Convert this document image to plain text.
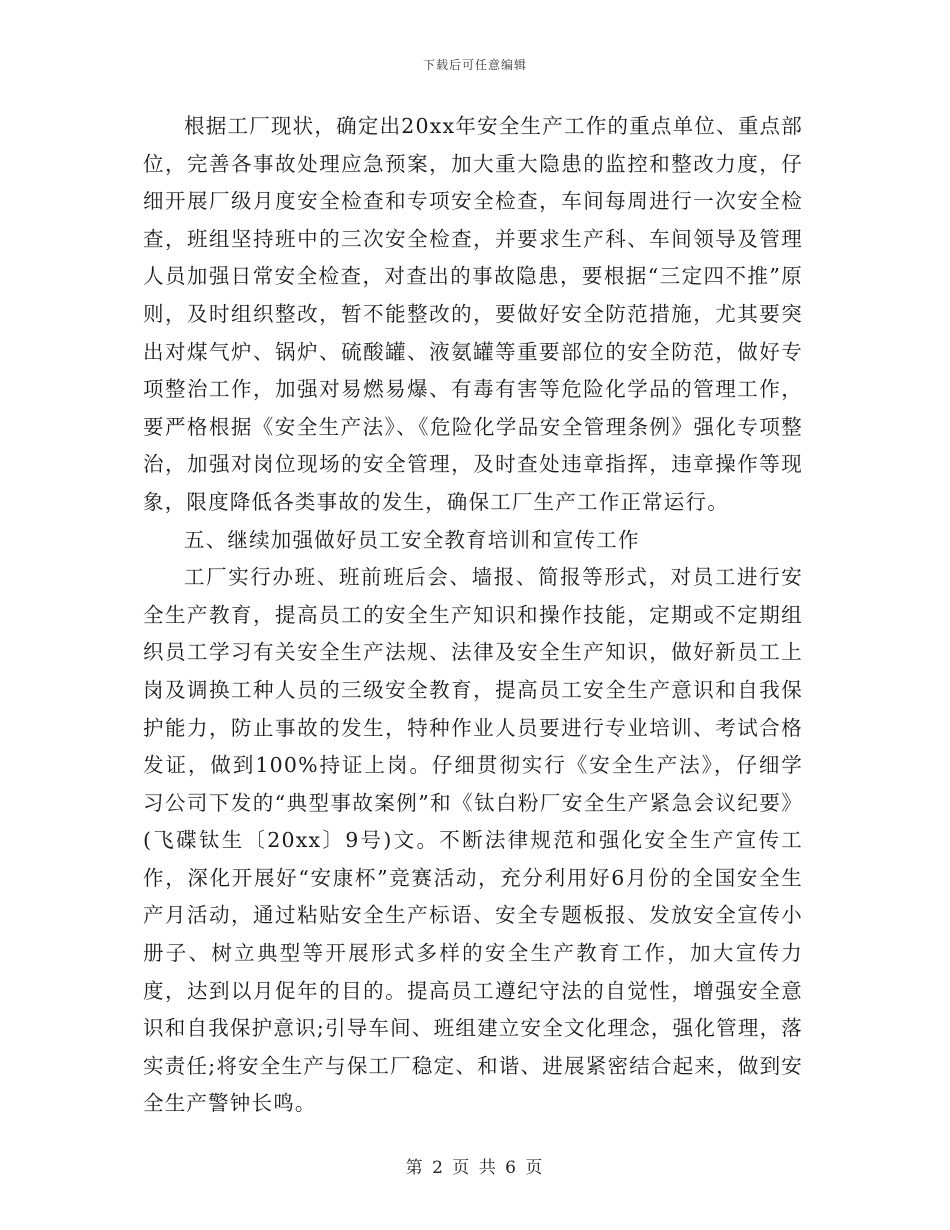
下载后可任意编辑

根据工厂现状，确定出20xx年安全生产工作的重点单位、重点部位，完善各事故处理应急预案，加大重大隐患的监控和整改力度，仔细开展厂级月度安全检查和专项安全检查，车间每周进行一次安全检查，班组坚持班中的三次安全检查，并要求生产科、车间领导及管理人员加强日常安全检查，对查出的事故隐患，要根据“三定四不推”原则，及时组织整改，暂不能整改的，要做好安全防范措施，尤其要突出对煤气炉、锅炉、硫酸罐、液氨罐等重要部位的安全防范，做好专项整治工作，加强对易燃易爆、有毒有害等危险化学品的管理工作，要严格根据《安全生产法》、《危险化学品安全管理条例》强化专项整治，加强对岗位现场的安全管理，及时查处违章指挥，违章操作等现象，限度降低各类事故的发生，确保工厂生产工作正常运行。

五、继续加强做好员工安全教育培训和宣传工作

工厂实行办班、班前班后会、墙报、简报等形式，对员工进行安全生产教育，提高员工的安全生产知识和操作技能，定期或不定期组织员工学习有关安全生产法规、法律及安全生产知识，做好新员工上岗及调换工种人员的三级安全教育，提高员工安全生产意识和自我保护能力，防止事故的发生，特种作业人员要进行专业培训、考试合格发证，做到100%持证上岗。仔细贯彻实行《安全生产法》，仔细学习公司下发的“典型事故案例”和《钛白粉厂安全生产紧急会议纪要》(飞碟钛生〔20xx〕9号)文。不断法律规范和强化安全生产宣传工作，深化开展好“安康杯”竞赛活动，充分利用好6月份的全国安全生产月活动，通过粘贴安全生产标语、安全专题板报、发放安全宣传小册子、树立典型等开展形式多样的安全生产教育工作，加大宣传力度，达到以月促年的目的。提高员工遵纪守法的自觉性，增强安全意识和自我保护意识;引导车间、班组建立安全文化理念，强化管理，落实责任;将安全生产与保工厂稳定、和谐、进展紧密结合起来，做到安全生产警钟长鸣。

第 2 页 共 6 页
